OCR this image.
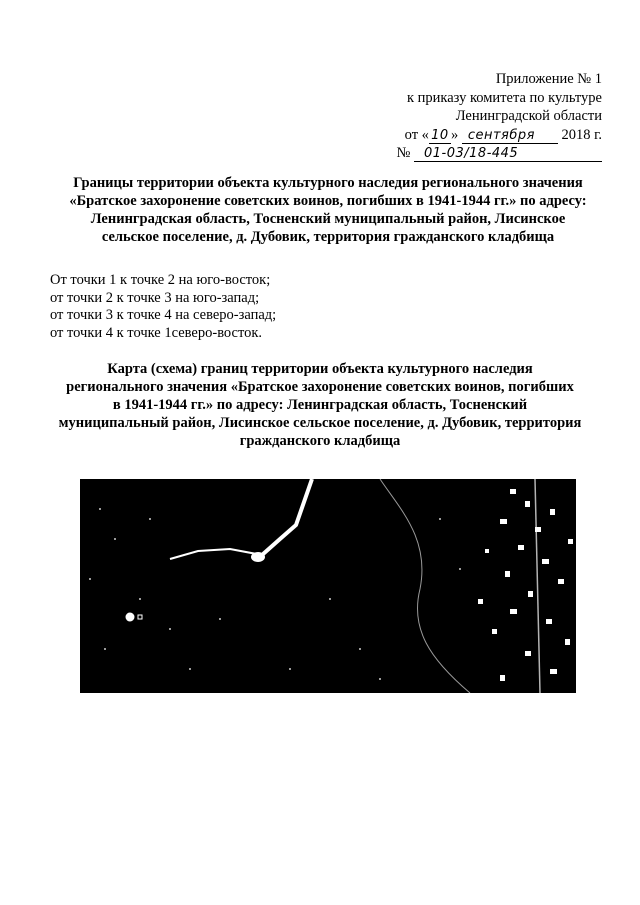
Приложение № 1
к приказу комитета по культуре
Ленинградской области
от « 10 » сентября 2018 г.
№ 01-03/18-445
Границы территории объекта культурного наследия регионального значения
«Братское захоронение советских воинов, погибших в 1941-1944 гг.» по адресу:
Ленинградская область, Тосненский муниципальный район, Лисинское
сельское поселение, д. Дубовик, территория гражданского кладбища
От точки 1 к точке 2 на юго-восток;
от точки 2 к точке 3 на юго-запад;
от точки 3 к точке 4 на северо-запад;
от точки 4 к точке 1северо-восток.
Карта (схема) границ территории объекта культурного наследия
регионального значения «Братское захоронение советских воинов, погибших
в 1941-1944 гг.» по адресу: Ленинградская область, Тосненский
муниципальный район, Лисинское сельское поселение, д. Дубовик, территория
гражданского кладбища
